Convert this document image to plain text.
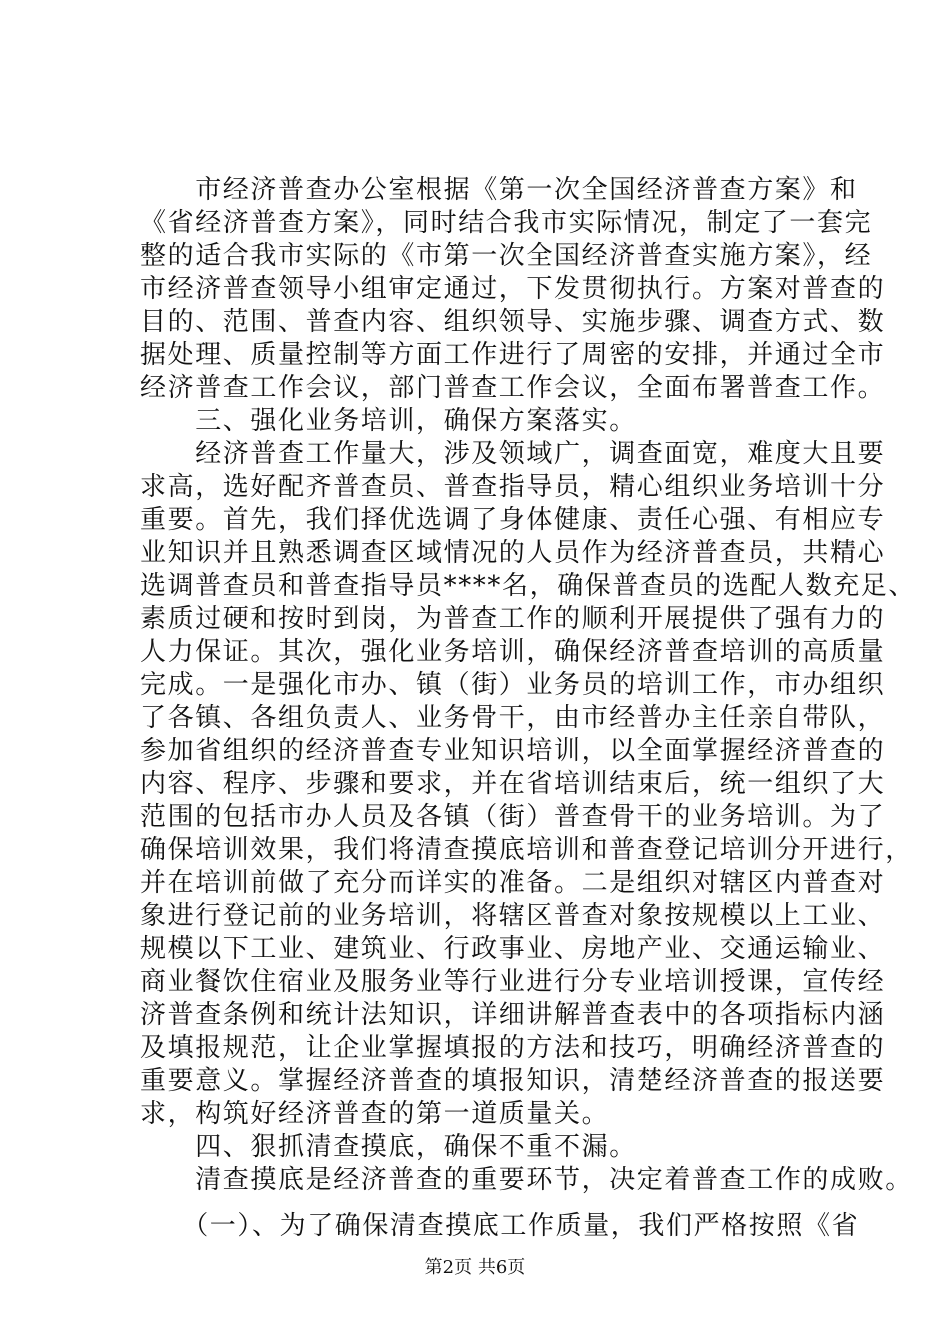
　　市经济普查办公室根据《第一次全国经济普查方案》和
《省经济普查方案》，同时结合我市实际情况，制定了一套完
整的适合我市实际的《市第一次全国经济普查实施方案》，经
市经济普查领导小组审定通过，下发贯彻执行。方案对普查的
目的、范围、普查内容、组织领导、实施步骤、调查方式、数
据处理、质量控制等方面工作进行了周密的安排，并通过全市
经济普查工作会议，部门普查工作会议，全面布署普查工作。
　　三、强化业务培训，确保方案落实。
　　经济普查工作量大，涉及领域广，调查面宽，难度大且要
求高，选好配齐普查员、普查指导员，精心组织业务培训十分
重要。首先，我们择优选调了身体健康、责任心强、有相应专
业知识并且熟悉调查区域情况的人员作为经济普查员，共精心
选调普查员和普查指导员****名，确保普查员的选配人数充足、
素质过硬和按时到岗，为普查工作的顺利开展提供了强有力的
人力保证。其次，强化业务培训，确保经济普查培训的高质量
完成。一是强化市办、镇（街）业务员的培训工作，市办组织
了各镇、各组负责人、业务骨干，由市经普办主任亲自带队，
参加省组织的经济普查专业知识培训，以全面掌握经济普查的
内容、程序、步骤和要求，并在省培训结束后，统一组织了大
范围的包括市办人员及各镇（街）普查骨干的业务培训。为了
确保培训效果，我们将清查摸底培训和普查登记培训分开进行，
并在培训前做了充分而详实的准备。二是组织对辖区内普查对
象进行登记前的业务培训，将辖区普查对象按规模以上工业、
规模以下工业、建筑业、行政事业、房地产业、交通运输业、
商业餐饮住宿业及服务业等行业进行分专业培训授课，宣传经
济普查条例和统计法知识，详细讲解普查表中的各项指标内涵
及填报规范，让企业掌握填报的方法和技巧，明确经济普查的
重要意义。掌握经济普查的填报知识，清楚经济普查的报送要
求，构筑好经济普查的第一道质量关。
　　四、狠抓清查摸底，确保不重不漏。
　　清查摸底是经济普查的重要环节，决定着普查工作的成败。
　　（一）、为了确保清查摸底工作质量，我们严格按照《省
第2页 共6页
